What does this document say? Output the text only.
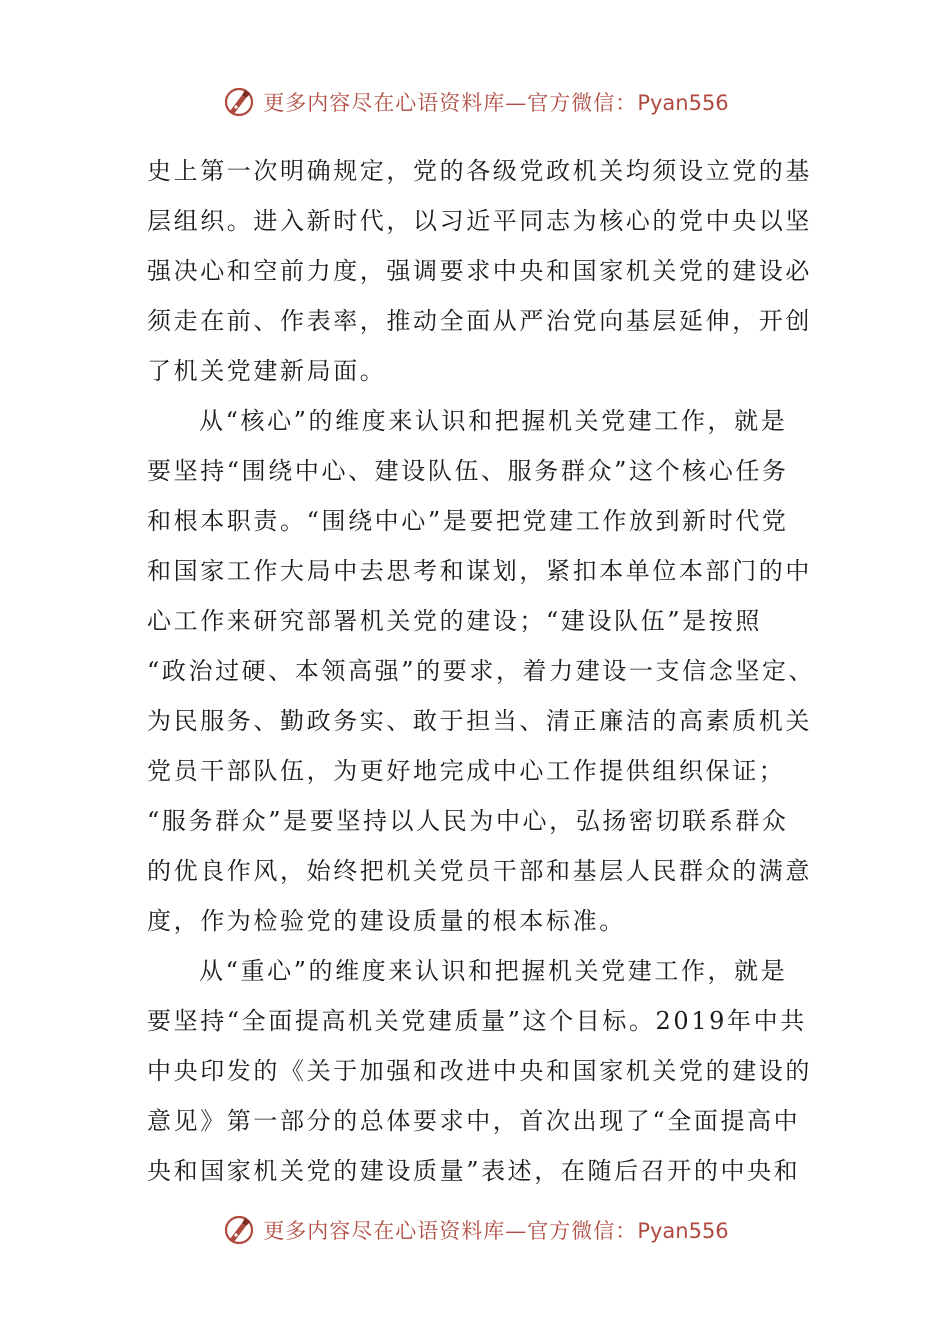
更多内容尽在心语资料库—官方微信：Pyan556
史上第一次明确规定，党的各级党政机关均须设立党的基
层组织。进入新时代，以习近平同志为核心的党中央以坚
强决心和空前力度，强调要求中央和国家机关党的建设必
须走在前、作表率，推动全面从严治党向基层延伸，开创
了机关党建新局面。
从“核心”的维度来认识和把握机关党建工作，就是
要坚持“围绕中心、建设队伍、服务群众”这个核心任务
和根本职责。“围绕中心”是要把党建工作放到新时代党
和国家工作大局中去思考和谋划，紧扣本单位本部门的中
心工作来研究部署机关党的建设；“建设队伍”是按照
“政治过硬、本领高强”的要求，着力建设一支信念坚定、
为民服务、勤政务实、敢于担当、清正廉洁的高素质机关
党员干部队伍，为更好地完成中心工作提供组织保证；
“服务群众”是要坚持以人民为中心，弘扬密切联系群众
的优良作风，始终把机关党员干部和基层人民群众的满意
度，作为检验党的建设质量的根本标准。
从“重心”的维度来认识和把握机关党建工作，就是
要坚持“全面提高机关党建质量”这个目标。2019年中共
中央印发的《关于加强和改进中央和国家机关党的建设的
意见》第一部分的总体要求中，首次出现了“全面提高中
央和国家机关党的建设质量”表述，在随后召开的中央和
更多内容尽在心语资料库—官方微信：Pyan556
